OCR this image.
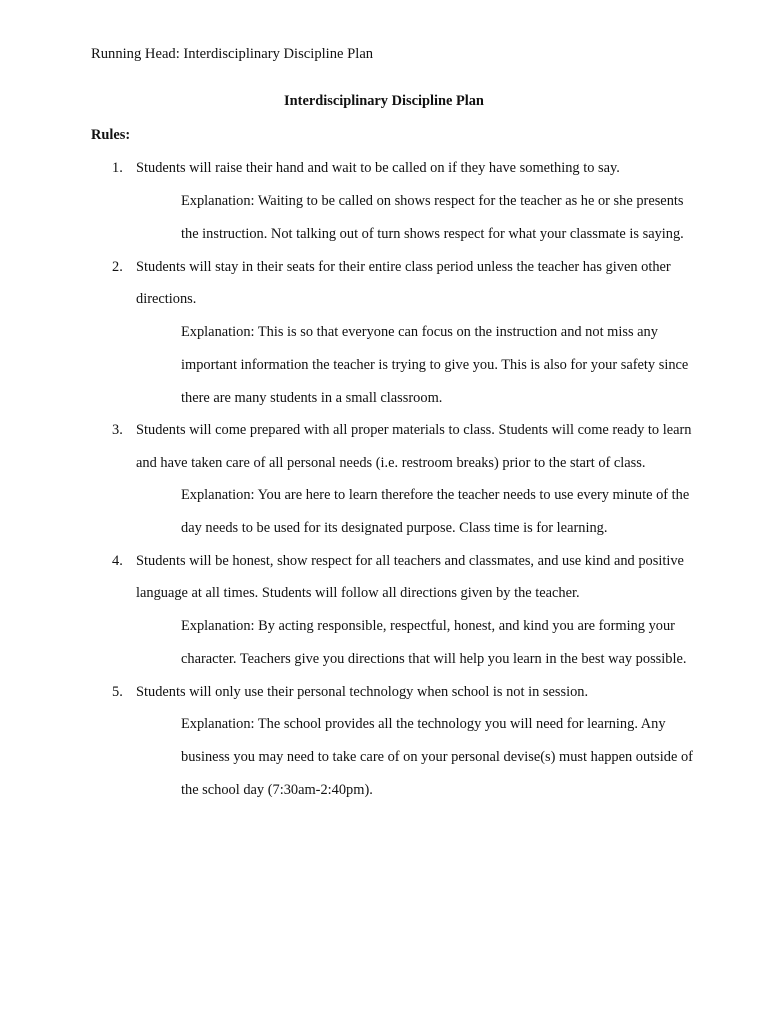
Running Head: Interdisciplinary Discipline Plan
Interdisciplinary Discipline Plan
Rules:
1. Students will raise their hand and wait to be called on if they have something to say.
Explanation: Waiting to be called on shows respect for the teacher as he or she presents
the instruction. Not talking out of turn shows respect for what your classmate is saying.
2. Students will stay in their seats for their entire class period unless the teacher has given other
directions.
Explanation: This is so that everyone can focus on the instruction and not miss any
important information the teacher is trying to give you. This is also for your safety since
there are many students in a small classroom.
3. Students will come prepared with all proper materials to class. Students will come ready to learn
and have taken care of all personal needs (i.e. restroom breaks) prior to the start of class.
Explanation: You are here to learn therefore the teacher needs to use every minute of the
day needs to be used for its designated purpose. Class time is for learning.
4. Students will be honest, show respect for all teachers and classmates, and use kind and positive
language at all times. Students will follow all directions given by the teacher.
Explanation: By acting responsible, respectful, honest, and kind you are forming your
character. Teachers give you directions that will help you learn in the best way possible.
5. Students will only use their personal technology when school is not in session.
Explanation: The school provides all the technology you will need for learning. Any
business you may need to take care of on your personal devise(s) must happen outside of
the school day (7:30am-2:40pm).
